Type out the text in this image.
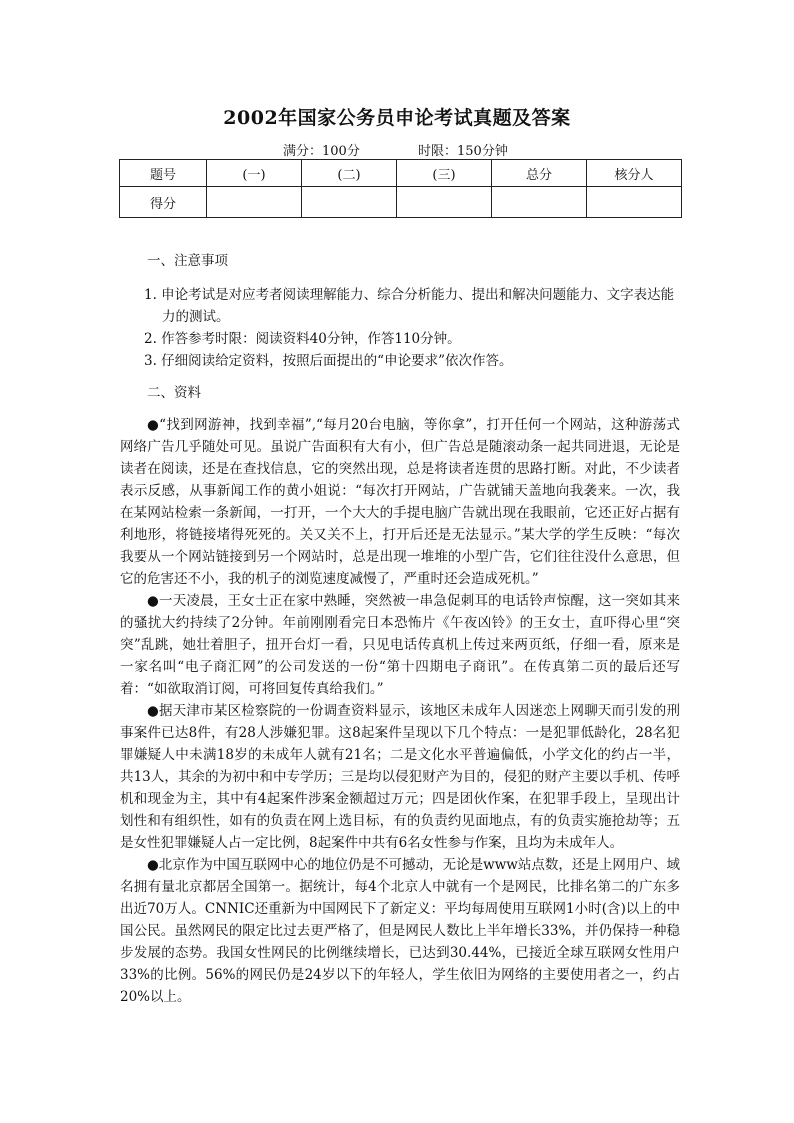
2002年国家公务员申论考试真题及答案
满分：100分	时限：150分钟
题号	(一)	(二)	(三)	总分	核分人
得分					

一、注意事项

1. 申论考试是对应考者阅读理解能力、综合分析能力、提出和解决问题能力、文字表达能力的测试。

2. 作答参考时限：阅读资料40分钟，作答110分钟。

3. 仔细阅读给定资料，按照后面提出的“申论要求”依次作答。

二、资料

●“找到网游神，找到幸福”,“每月20台电脑，等你拿”，打开任何一个网站，这种游荡式网络广告几乎随处可见。虽说广告面积有大有小，但广告总是随滚动条一起共同进退，无论是读者在阅读，还是在查找信息，它的突然出现，总是将读者连贯的思路打断。对此，不少读者表示反感，从事新闻工作的黄小姐说：“每次打开网站，广告就铺天盖地向我袭来。一次，我在某网站检索一条新闻，一打开，一个大大的手提电脑广告就出现在我眼前，它还正好占据有利地形，将链接堵得死死的。关又关不上，打开后还是无法显示。”某大学的学生反映：“每次我要从一个网站链接到另一个网站时，总是出现一堆堆的小型广告，它们往往没什么意思，但它的危害还不小，我的机子的浏览速度减慢了，严重时还会造成死机。”

●一天凌晨，王女士正在家中熟睡，突然被一串急促刺耳的电话铃声惊醒，这一突如其来的骚扰大约持续了2分钟。年前刚刚看完日本恐怖片《午夜凶铃》的王女士，直吓得心里“突突”乱跳，她壮着胆子，扭开台灯一看，只见电话传真机上传过来两页纸，仔细一看，原来是一家名叫“电子商汇网”的公司发送的一份“第十四期电子商讯”。在传真第二页的最后还写着：“如欲取消订阅，可将回复传真给我们。”

●据天津市某区检察院的一份调查资料显示，该地区未成年人因迷恋上网聊天而引发的刑事案件已达8件，有28人涉嫌犯罪。这8起案件呈现以下几个特点：一是犯罪低龄化，28名犯罪嫌疑人中未满18岁的未成年人就有21名；二是文化水平普遍偏低，小学文化的约占一半，共13人，其余的为初中和中专学历；三是均以侵犯财产为目的，侵犯的财产主要以手机、传呼机和现金为主，其中有4起案件涉案金额超过万元；四是团伙作案，在犯罪手段上，呈现出计划性和有组织性，如有的负责在网上选目标，有的负责约见面地点，有的负责实施抢劫等；五是女性犯罪嫌疑人占一定比例，8起案件中共有6名女性参与作案，且均为未成年人。

●北京作为中国互联网中心的地位仍是不可撼动，无论是www站点数，还是上网用户、域名拥有量北京都居全国第一。据统计，每4个北京人中就有一个是网民，比排名第二的广东多出近70万人。CNNIC还重新为中国网民下了新定义：平均每周使用互联网1小时(含)以上的中国公民。虽然网民的限定比过去更严格了，但是网民人数比上半年增长33%，并仍保持一种稳步发展的态势。我国女性网民的比例继续增长，已达到30.44%，已接近全球互联网女性用户33%的比例。56%的网民仍是24岁以下的年轻人，学生依旧为网络的主要使用者之一，约占20%以上。
